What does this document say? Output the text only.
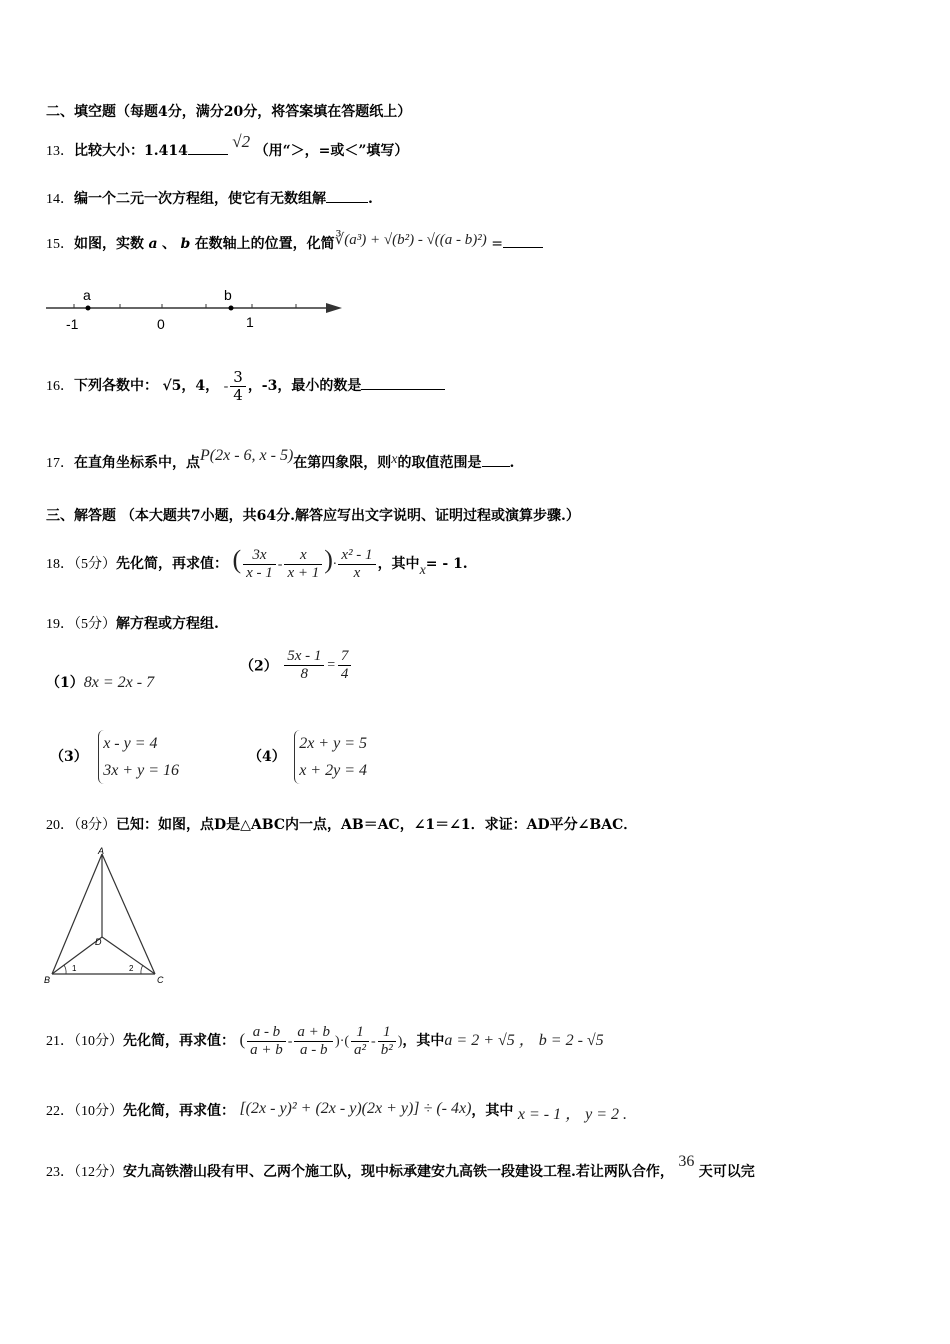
二、填空题（每题4分，满分20分，将答案填在答题纸上）
13．比较大小：1.414	√2 （用“＞，=或＜”填写）
14．编一个二元一次方程组，使它有无数组解	.
15．如图，实数 a 、 b 在数轴上的位置，化简∛(a³) + √(b²) - √((a - b)²) =
a	b
-1	0	1
16．下列各数中： √5，4， - $\frac{3}{4}$ ，-3，最小的数是
17．在直角坐标系中，点P(2x - 6, x - 5)在第四象限，则x的取值范围是 .
三、解答题 （本大题共7小题，共64分.解答应写出文字说明、证明过程或演算步骤.）
18．（5分）先化简，再求值： ( $\frac{3x}{x - 1} - \frac{x}{x + 1}$ )· $\frac{\text{x² - 1}}{x}$ ，其中x= - 1.
19．（5分）解方程或方程组.
（1）8x = 2x - 7
$(2) \frac{5x - 1}{8} = \frac{7}{4}$
（3）
x - y = 4
3x + y = 16
（4）
2x + y = 5
x + 2y = 4
20．（8分）已知：如图，点D是△ABC内一点，AB＝AC，∠1＝∠1．求证：AD平分∠BAC．
A
B	C
D
1	2
21．（10分）先化简，再求值： ( $\frac{a - b}{a + b} - \frac{a + b}{a - b}$ )·( $\frac{1}{\text{a²}} - \frac{1}{\text{b²}}$ )，其中a = 2 + √5 ， b = 2 - √5
22．（10分）先化简，再求值： [(2x - y)² + (2x - y)(2x + y)] ÷ (- 4x)，其中 x = - 1 ， y = 2 .
23．（12分）安九高铁潜山段有甲、乙两个施工队，现中标承建安九高铁一段建设工程.若让两队合作， 36 天可以完
